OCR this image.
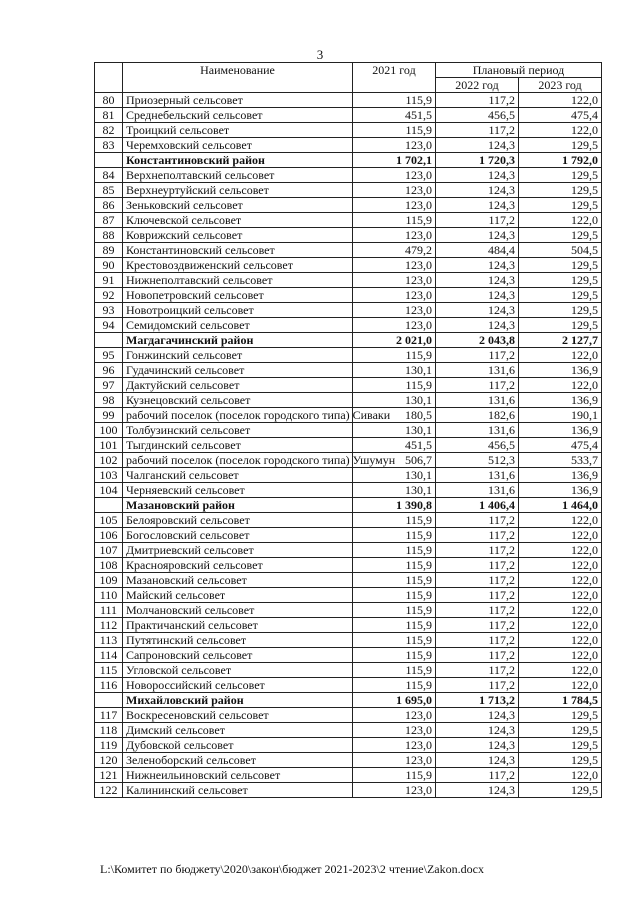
3
	Наименование	2021 год	Плановый период	
			2022 год	2023 год
80	Приозерный сельсовет	115,9	117,2	122,0
81	Среднебельский сельсовет	451,5	456,5	475,4
82	Троицкий сельсовет	115,9	117,2	122,0
83	Черемховский сельсовет	123,0	124,3	129,5
	Константиновский район	1 702,1	1 720,3	1 792,0
84	Верхнеполтавский сельсовет	123,0	124,3	129,5
85	Верхнеуртуйский сельсовет	123,0	124,3	129,5
86	Зеньковский сельсовет	123,0	124,3	129,5
87	Ключевской сельсовет	115,9	117,2	122,0
88	Коврижский сельсовет	123,0	124,3	129,5
89	Константиновский сельсовет	479,2	484,4	504,5
90	Крестовоздвиженский сельсовет	123,0	124,3	129,5
91	Нижнеполтавский сельсовет	123,0	124,3	129,5
92	Новопетровский сельсовет	123,0	124,3	129,5
93	Новотроицкий сельсовет	123,0	124,3	129,5
94	Семидомский сельсовет	123,0	124,3	129,5
	Магдагачинский район	2 021,0	2 043,8	2 127,7
95	Гонжинский сельсовет	115,9	117,2	122,0
96	Гудачинский сельсовет	130,1	131,6	136,9
97	Дактуйский сельсовет	115,9	117,2	122,0
98	Кузнецовский сельсовет	130,1	131,6	136,9
99	рабочий поселок (поселок городского типа) Сиваки	180,5	182,6	190,1
100	Толбузинский сельсовет	130,1	131,6	136,9
101	Тыгдинский сельсовет	451,5	456,5	475,4
102	рабочий поселок (поселок городского типа) Ушумун	506,7	512,3	533,7
103	Чалганский сельсовет	130,1	131,6	136,9
104	Черняевский сельсовет	130,1	131,6	136,9
	Мазановский район	1 390,8	1 406,4	1 464,0
105	Белояровский сельсовет	115,9	117,2	122,0
106	Богословский сельсовет	115,9	117,2	122,0
107	Дмитриевский сельсовет	115,9	117,2	122,0
108	Краснояровский сельсовет	115,9	117,2	122,0
109	Мазановский сельсовет	115,9	117,2	122,0
110	Майский сельсовет	115,9	117,2	122,0
111	Молчановский сельсовет	115,9	117,2	122,0
112	Практичанский сельсовет	115,9	117,2	122,0
113	Путятинский сельсовет	115,9	117,2	122,0
114	Сапроновский сельсовет	115,9	117,2	122,0
115	Угловской сельсовет	115,9	117,2	122,0
116	Новороссийский сельсовет	115,9	117,2	122,0
	Михайловский район	1 695,0	1 713,2	1 784,5
117	Воскресеновский сельсовет	123,0	124,3	129,5
118	Димский сельсовет	123,0	124,3	129,5
119	Дубовской сельсовет	123,0	124,3	129,5
120	Зеленоборский сельсовет	123,0	124,3	129,5
121	Нижнеильиновский сельсовет	115,9	117,2	122,0
122	Калининский сельсовет	123,0	124,3	129,5
L:\Комитет по бюджету\2020\закон\бюджет 2021-2023\2 чтение\Zakon.docx
